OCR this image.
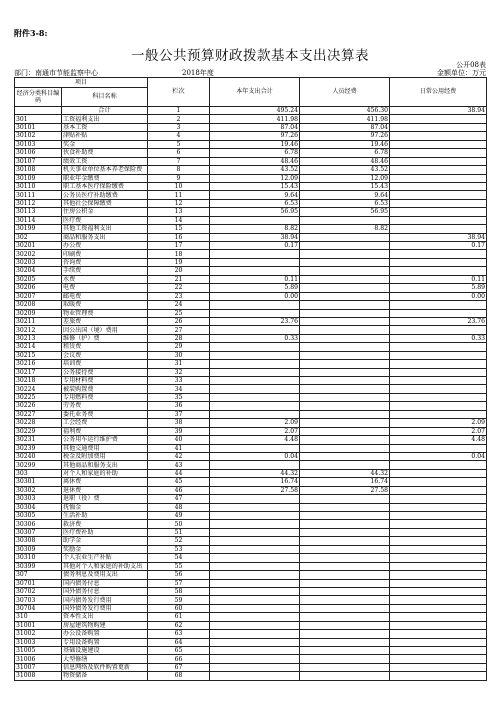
附件3-8:
一般公共预算财政拨款基本支出决算表
公开08表
部门：南通市节能监察中心	2018年度	金额单位：万元
项目		栏次	本年支出合计	人员经费	日常公用经费
经济分类科目编码	科目名称				
	合计	1	495.24	456.30	38.94
301	工资福利支出	2	411.98	411.98	
30101	基本工资	3	87.04	87.04	
30102	津贴补贴	4	97.26	97.26	
30103	奖金	5	19.46	19.46	
30106	伙食补助费	6	6.78	6.78	
30107	绩效工资	7	48.46	48.46	
30108	机关事业单位基本养老保险费	8	43.52	43.52	
30109	职业年金缴费	9	12.09	12.09	
30110	职工基本医疗保险缴费	10	15.43	15.43	
30111	公务员医疗补助缴费	11	9.64	9.64	
30112	其他社会保障缴费	12	6.53	6.53	
30113	住房公积金	13	56.95	56.95	
30114	医疗费	14			
30199	其他工资福利支出	15	8.82	8.82	
302	商品和服务支出	16	38.94		38.94
30201	办公费	17	0.17		0.17
30202	印刷费	18			
30203	咨询费	19			
30204	手续费	20			
30205	水费	21	0.11		0.11
30206	电费	22	5.89		5.89
30207	邮电费	23	0.00		0.00
30208	取暖费	24			
30209	物业管理费	25			
30211	差旅费	26	23.76		23.76
30212	因公出国（境）费用	27			
30213	维修（护）费	28	0.33		0.33
30214	租赁费	29			
30215	会议费	30			
30216	培训费	31			
30217	公务接待费	32			
30218	专用材料费	33			
30224	被装购置费	34			
30225	专用燃料费	35			
30226	劳务费	36			
30227	委托业务费	37			
30228	工会经费	38	2.09		2.09
30229	福利费	39	2.07		2.07
30231	公务用车运行维护费	40	4.48		4.48
30239	其他交通费用	41			
30240	税金及附加费用	42	0.04		0.04
30299	其他商品和服务支出	43			
303	对个人和家庭的补助	44	44.32	44.32	
30301	离休费	45	16.74	16.74	
30302	退休费	46	27.58	27.58	
30303	退职（役）费	47			
30304	抚恤金	48			
30305	生活补助	49			
30306	救济费	50			
30307	医疗费补助	51			
30308	助学金	52			
30309	奖励金	53			
30310	个人农业生产补贴	54			
30399	其他对个人和家庭的补助支出	55			
307	债务利息及费用支出	56			
30701	国内债务付息	57			
30702	国外债务付息	58			
30703	国内债务发行费用	59			
30704	国外债务发行费用	60			
310	资本性支出	61			
31001	房屋建筑物购建	62			
31002	办公设备购置	63			
31003	专用设备购置	64			
31005	基础设施建设	65			
31006	大型修缮	66			
31007	信息网络及软件购置更新	67			
31008	物资储备	68			
